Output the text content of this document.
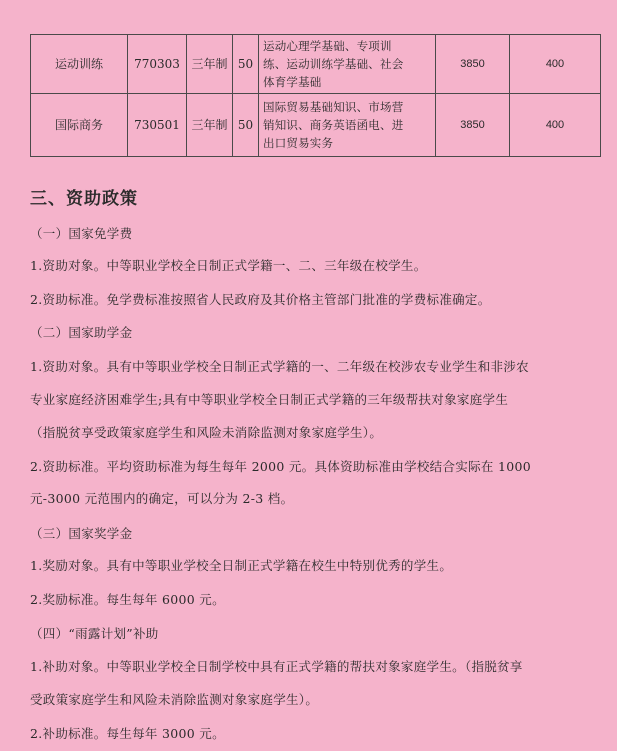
运动训练	770303	三年制	50	运动心理学基础、专项训
练、运动训练学基础、社会
体育学基础	3850	400
国际商务	730501	三年制	50	国际贸易基础知识、市场营
销知识、商务英语函电、进
出口贸易实务	3850	400
三、资助政策
（一）国家免学费
1.资助对象。中等职业学校全日制正式学籍一、二、三年级在校学生。
2.资助标准。免学费标准按照省人民政府及其价格主管部门批准的学费标准确定。
（二）国家助学金
1.资助对象。具有中等职业学校全日制正式学籍的一、二年级在校涉农专业学生和非涉农
专业家庭经济困难学生;具有中等职业学校全日制正式学籍的三年级帮扶对象家庭学生
（指脱贫享受政策家庭学生和风险未消除监测对象家庭学生）。
2.资助标准。平均资助标准为每生每年 2000 元。具体资助标准由学校结合实际在 1000
元-3000 元范围内的确定，可以分为 2-3 档。
（三）国家奖学金
1.奖励对象。具有中等职业学校全日制正式学籍在校生中特别优秀的学生。
2.奖励标准。每生每年 6000 元。
（四）“雨露计划”补助
1.补助对象。中等职业学校全日制学校中具有正式学籍的帮扶对象家庭学生。（指脱贫享
受政策家庭学生和风险未消除监测对象家庭学生）。
2.补助标准。每生每年 3000 元。
